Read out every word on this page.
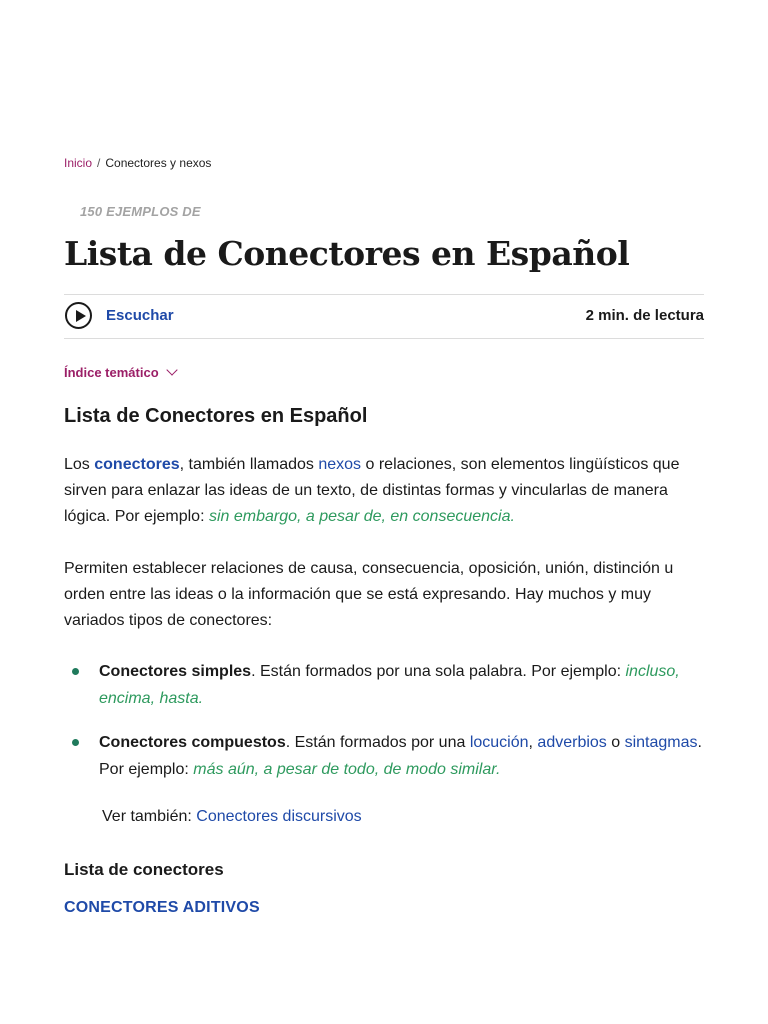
Inicio / Conectores y nexos
150 EJEMPLOS DE
Lista de Conectores en Español
Escuchar	2 min. de lectura
Índice temático
Lista de Conectores en Español

Los conectores, también llamados nexos o relaciones, son elementos lingüísticos que sirven para enlazar las ideas de un texto, de distintas formas y vincularlas de manera lógica. Por ejemplo: sin embargo, a pesar de, en consecuencia.

Permiten establecer relaciones de causa, consecuencia, oposición, unión, distinción u orden entre las ideas o la información que se está expresando. Hay muchos y muy variados tipos de conectores:

Conectores simples. Están formados por una sola palabra. Por ejemplo: incluso, encima, hasta.
Conectores compuestos. Están formados por una locución, adverbios o sintagmas. Por ejemplo: más aún, a pesar de todo, de modo similar.
Ver también: Conectores discursivos
Lista de conectores
CONECTORES ADITIVOS
